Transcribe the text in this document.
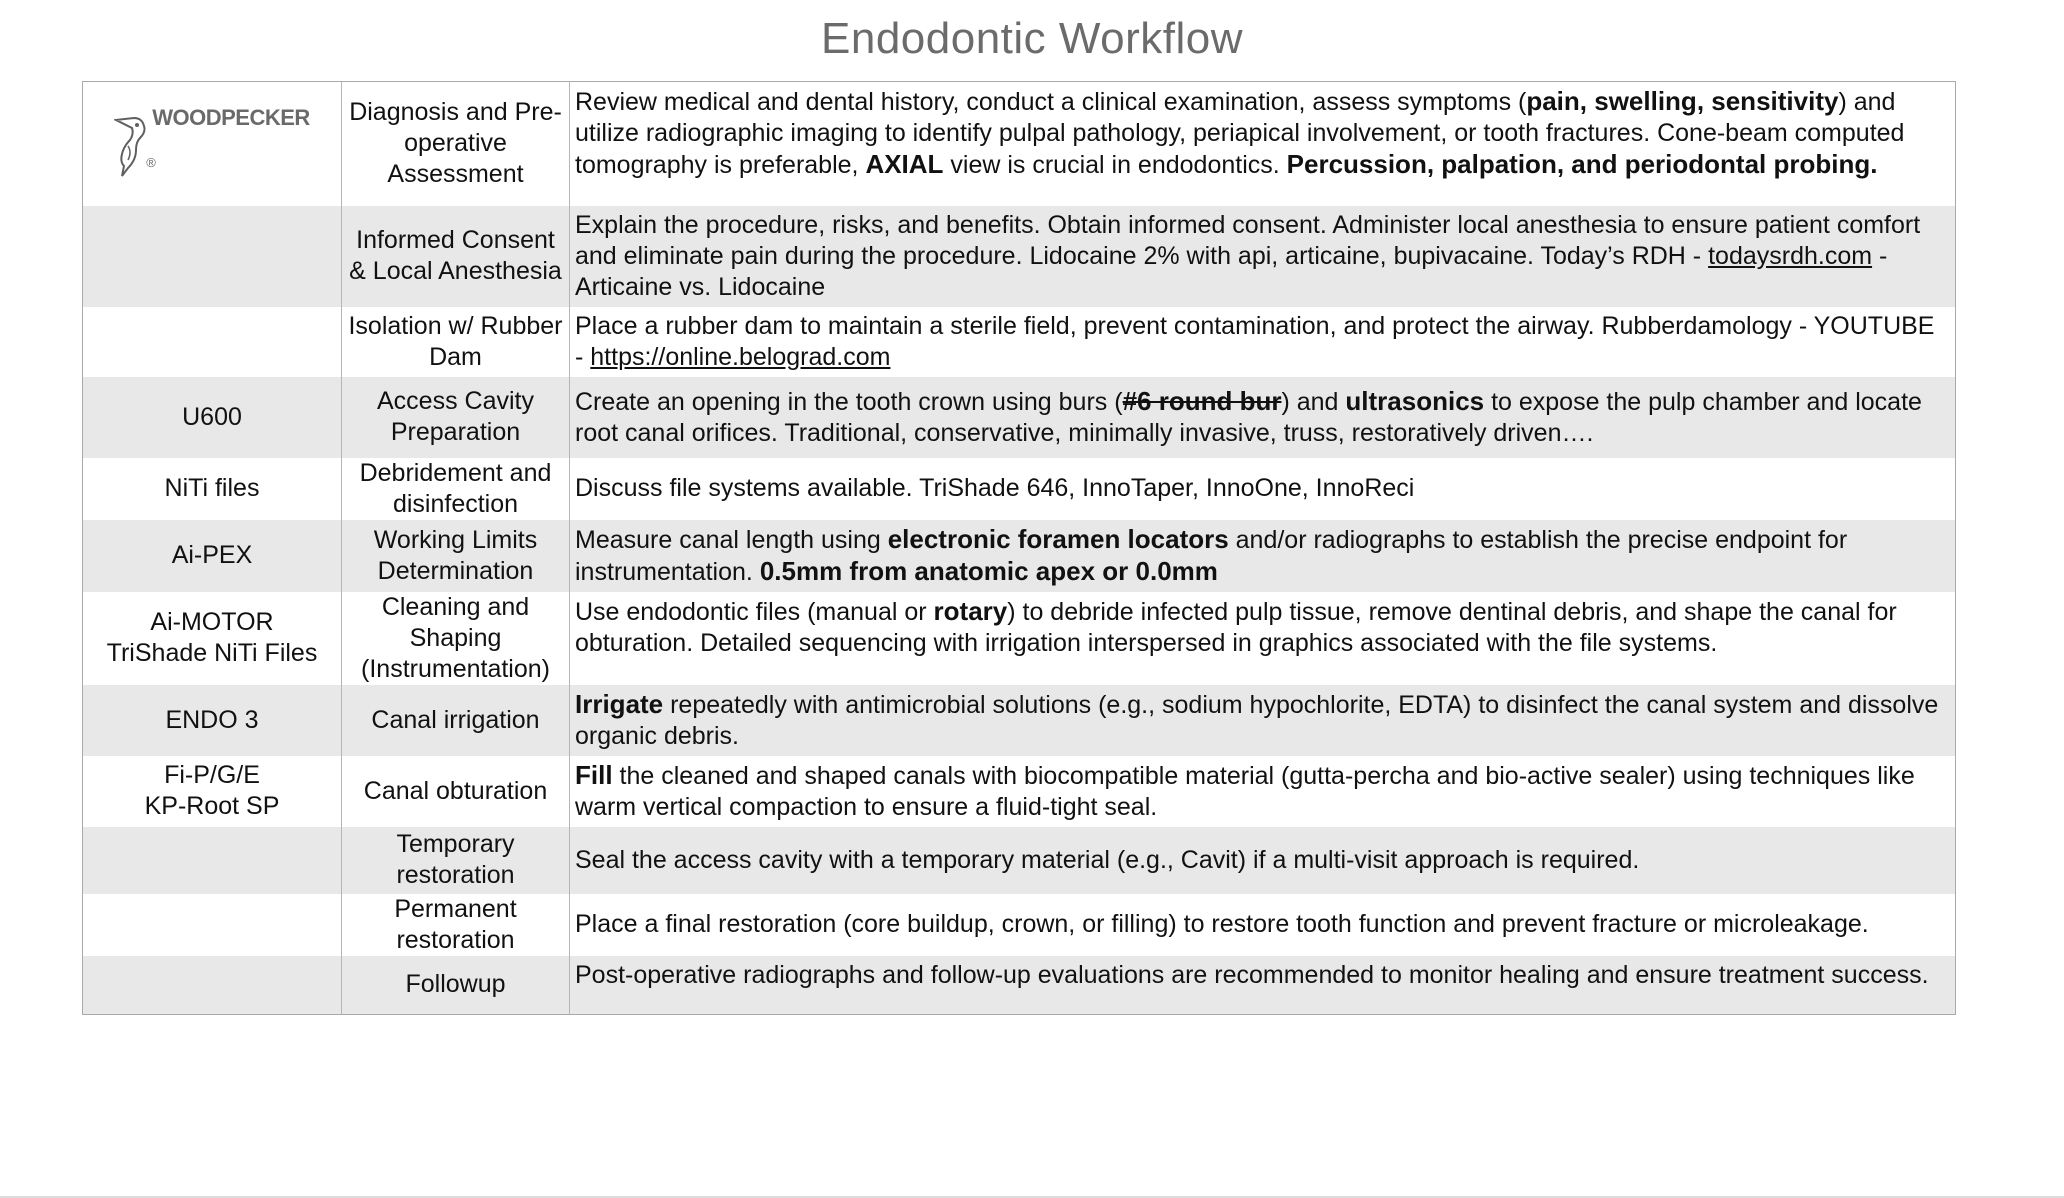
Endodontic Workflow
WOODPECKER
®	Diagnosis and Pre-operative Assessment	Review medical and dental history, conduct a clinical examination, assess symptoms (pain, swelling, sensitivity) and utilize radiographic imaging to identify pulpal pathology, periapical involvement, or tooth fractures. Cone-beam computed tomography is preferable, AXIAL view is crucial in endodontics. Percussion, palpation, and periodontal probing.
	Informed Consent & Local Anesthesia	Explain the procedure, risks, and benefits. Obtain informed consent. Administer local anesthesia to ensure patient comfort and eliminate pain during the procedure. Lidocaine 2% with api, articaine, bupivacaine. Today’s RDH - todaysrdh.com - Articaine vs. Lidocaine
	Isolation w/ Rubber Dam	Place a rubber dam to maintain a sterile field, prevent contamination, and protect the airway. Rubberdamology - YOUTUBE - https://online.belograd.com

U600	Access Cavity Preparation	Create an opening in the tooth crown using burs (#6 round bur) and ultrasonics to expose the pulp chamber and locate root canal orifices. Traditional, conservative, minimally invasive, truss, restoratively driven….

NiTi files	Debridement and disinfection	Discuss file systems available. TriShade 646, InnoTaper, InnoOne, InnoReci

Ai-PEX	Working Limits Determination	Measure canal length using electronic foramen locators and/or radiographs to establish the precise endpoint for instrumentation. 0.5mm from anatomic apex or 0.0mm

Ai-MOTOR
TriShade NiTi Files	Cleaning and Shaping (Instrumentation)	Use endodontic files (manual or rotary) to debride infected pulp tissue, remove dentinal debris, and shape the canal for obturation. Detailed sequencing with irrigation interspersed in graphics associated with the file systems.

ENDO 3	Canal irrigation	Irrigate repeatedly with antimicrobial solutions (e.g., sodium hypochlorite, EDTA) to disinfect the canal system and dissolve organic debris.

Fi-P/G/E
KP-Root SP	Canal obturation	Fill the cleaned and shaped canals with biocompatible material (gutta-percha and bio-active sealer) using techniques like warm vertical compaction to ensure a fluid-tight seal.
	Temporary restoration	Seal the access cavity with a temporary material (e.g., Cavit) if a multi-visit approach is required.
	Permanent restoration	Place a final restoration (core buildup, crown, or filling) to restore tooth function and prevent fracture or microleakage.
	Followup	Post-operative radiographs and follow-up evaluations are recommended to monitor healing and ensure treatment success.
